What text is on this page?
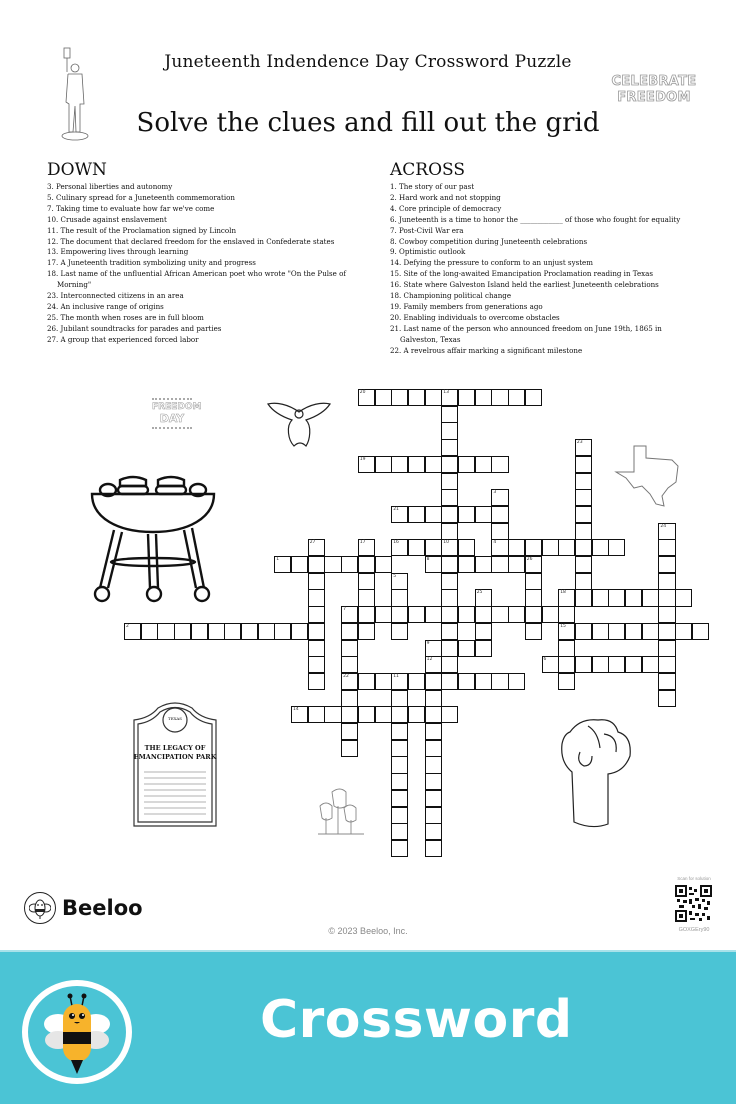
Juneteenth Indendence Day Crossword Puzzle
Solve the clues and fill out the grid
CELEBRATE
FREEDOM
DOWN
3. Personal liberties and autonomy
5. Culinary spread for a Juneteenth commemoration
7. Taking time to evaluate how far we've come
10. Crusade against enslavement
11. The result of the Proclamation signed by Lincoln
12. The document that declared freedom for the enslaved in Confederate states
13. Empowering lives through learning
17. A Juneteenth tradition symbolizing unity and progress
18. Last name of the unfluential African American poet who wrote "On the Pulse of Morning"
23. Interconnected citizens in an area
24. An inclusive range of origins
25. The month when roses are in full bloom
26. Jubilant soundtracks for parades and parties
27. A group that experienced forced labor
ACROSS
1. The story of our past
2. Hard work and not stopping
4. Core principle of democracy
6. Juneteenth is a time to honor the ____________ of those who fought for equality
7. Post-Civil War era
8. Cowboy competition during Juneteenth celebrations
9. Optimistic outlook
14. Defying the pressure to conform to an unjust system
15. Site of the long-awaited Emancipation Proclamation reading in Texas
16. State where Galveston Island held the earliest Juneteenth celebrations
18. Championing political change
19. Family members from generations ago
20. Enabling individuals to overcome obstacles
21. Last name of the person who announced freedom on June 19th, 1865 in Galveston, Texas
22. A revelrous affair marking a significant milestone
FREEDOM
DAY
TEXAS
THE LEGACY OF
EMANCIPATION PARK
20	13
10
19
23
3
4
21
27	17	16
24
1	8	26
5
25	18
15
7
22
2
9
12	6
11
14
Beeloo
© 2023 Beeloo, Inc.
Scan for solution
GOXGEry90
Crossword
